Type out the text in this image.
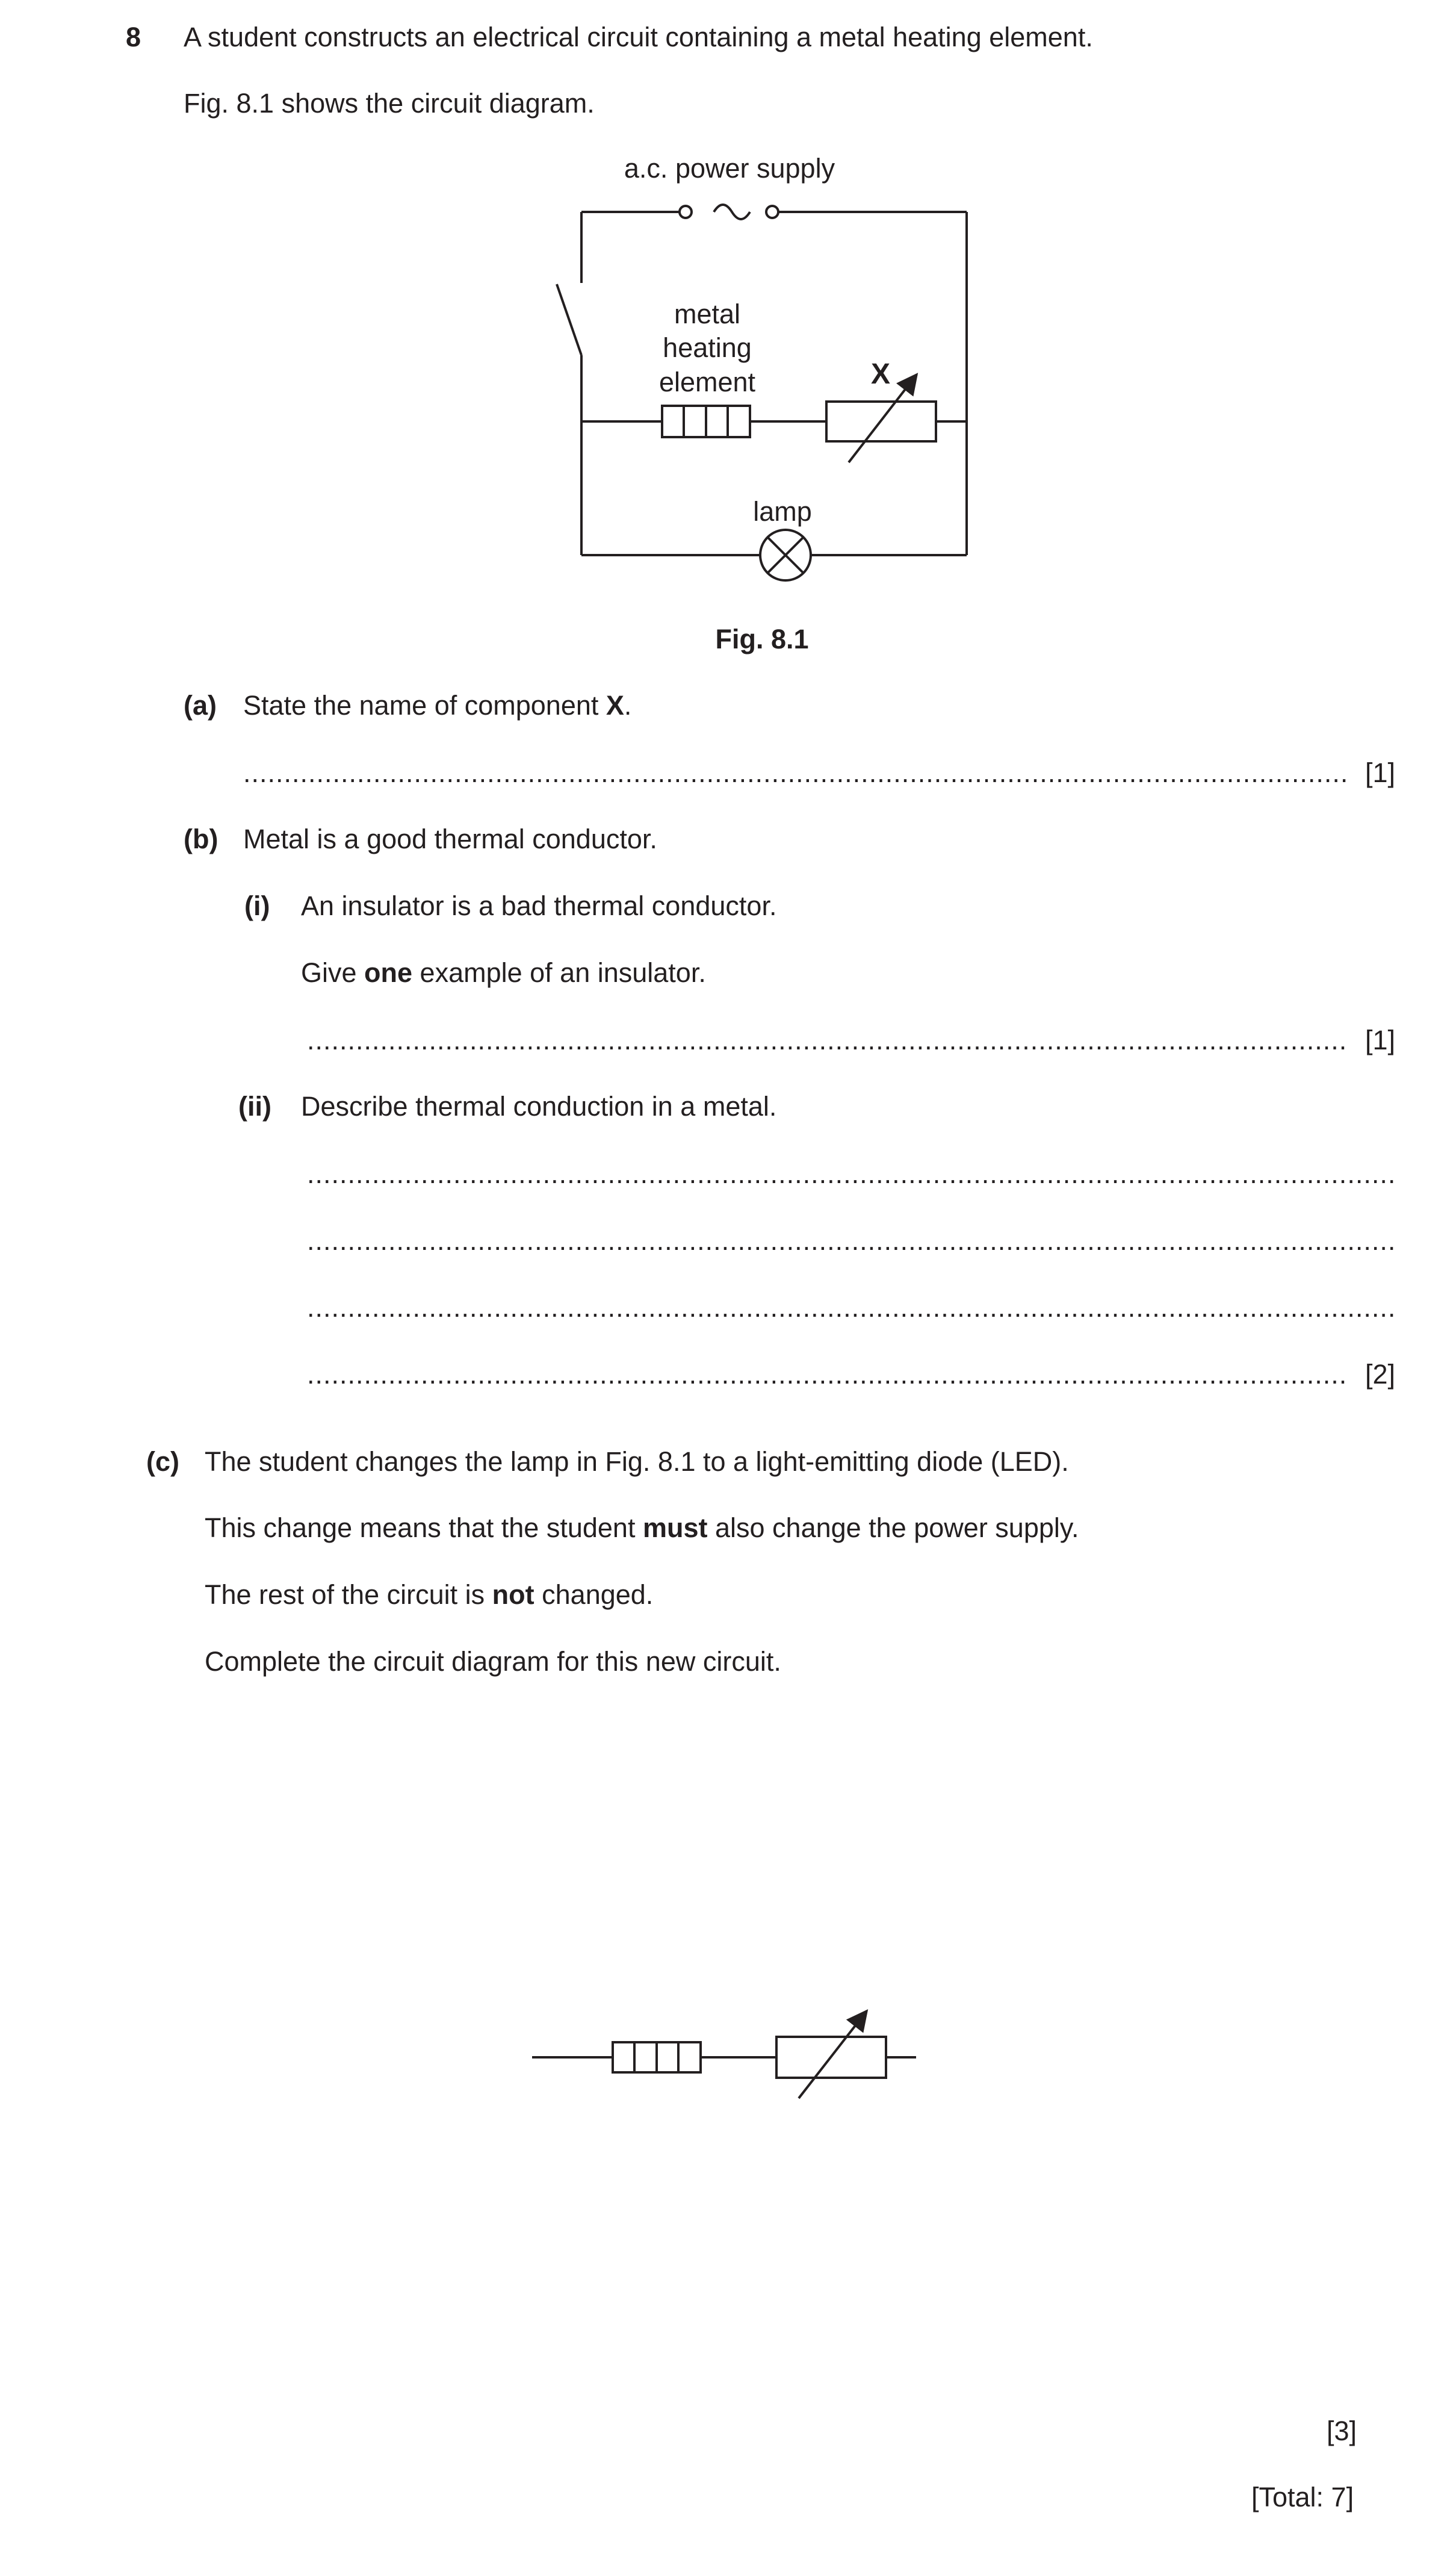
8 A student constructs an electrical circuit containing a metal heating element.
Fig. 8.1 shows the circuit diagram.
a.c. power supply
metal
heating
element	X
lamp
Fig. 8.1
(a) State the name of component X.
.....
[1]
(b) Metal is a good thermal conductor.
(i) An insulator is a bad thermal conductor.
Give one example of an insulator.
.....
[1]
(ii) Describe thermal conduction in a metal.
.....
.....
.....
.....
[2]
(c) The student changes the lamp in Fig. 8.1 to a light-emitting diode (LED).
This change means that the student must also change the power supply.
The rest of the circuit is not changed.
Complete the circuit diagram for this new circuit.
[3]
[Total: 7]
